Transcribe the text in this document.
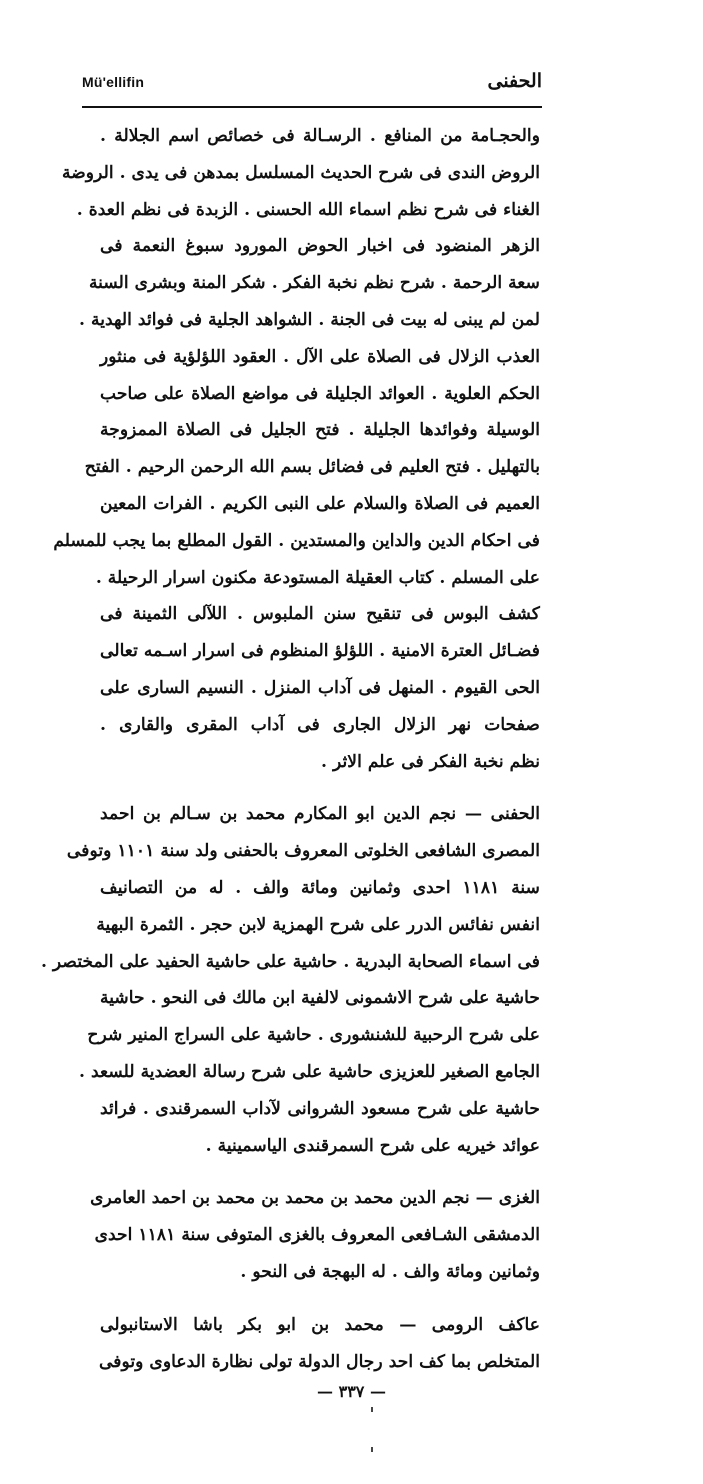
Mü'ellifin	الحفنى
والحجـامة من المنافع . الرسـالة فى خصائص اسم الجلالة .
الروض الندى فى شرح الحديث المسلسل بمدهن فى يدى . الروضة
الغناء فى شرح نظم اسماء الله الحسنى . الزبدة فى نظم العدة .
الزهر المنضود فى اخبار الحوض المورود سبوغ النعمة فى
سعة الرحمة . شرح نظم نخبة الفكر . شكر المنة وبشرى السنة
لمن لم يبنى له بيت فى الجنة . الشواهد الجلية فى فوائد الهدية .
العذب الزلال فى الصلاة على الآل . العقود اللؤلؤية فى منثور
الحكم العلوية . العوائد الجليلة فى مواضع الصلاة على صاحب
الوسيلة وفوائدها الجليلة . فتح الجليل فى الصلاة الممزوجة
بالتهليل . فتح العليم فى فضائل بسم الله الرحمن الرحيم . الفتح
العميم فى الصلاة والسلام على النبى الكريم . الفرات المعين
فى احكام الدين والداين والمستدين . القول المطلع بما يجب للمسلم
على المسلم . كتاب العقيلة المستودعة مكنون اسرار الرحيلة .
كشف البوس فى تنقيح سنن الملبوس . اللآلى الثمينة فى
فضـائل العترة الامنية . اللؤلؤ المنظوم فى اسرار اسـمه تعالى
الحى القيوم . المنهل فى آداب المنزل . النسيم السارى على
صفحات نهر الزلال الجارى فى آداب المقرى والقارى .
نظم نخبة الفكر فى علم الاثر .
الحفنى — نجم الدين ابو المكارم محمد بن سـالم بن احمد
المصرى الشافعى الخلوتى المعروف بالحفنى ولد سنة ١١٠١ وتوفى
سنة ١١٨١ احدى وثمانين ومائة والف . له من التصانيف
انفس نفائس الدرر على شرح الهمزية لابن حجر . الثمرة البهية
فى اسماء الصحابة البدرية . حاشية على حاشية الحفيد على المختصر .
حاشية على شرح الاشمونى لالفية ابن مالك فى النحو . حاشية
على شرح الرحبية للشنشورى . حاشية على السراج المنير شرح
الجامع الصغير للعزيزى حاشية على شرح رسالة العضدية للسعد .
حاشية على شرح مسعود الشروانى لآداب السمرقندى . فرائد
عوائد خيريه على شرح السمرقندى الياسمينية .
الغزى — نجم الدين محمد بن محمد بن محمد بن احمد العامرى
الدمشقى الشـافعى المعروف بالغزى المتوفى سنة ١١٨١ احدى
وثمانين ومائة والف . له البهجة فى النحو .
عاكف الرومى — محمد بن ابو بكر باشا الاستانبولى
المتخلص بما كف احد رجال الدولة تولى نظارة الدعاوى وتوفى
— ٣٣٧ —
